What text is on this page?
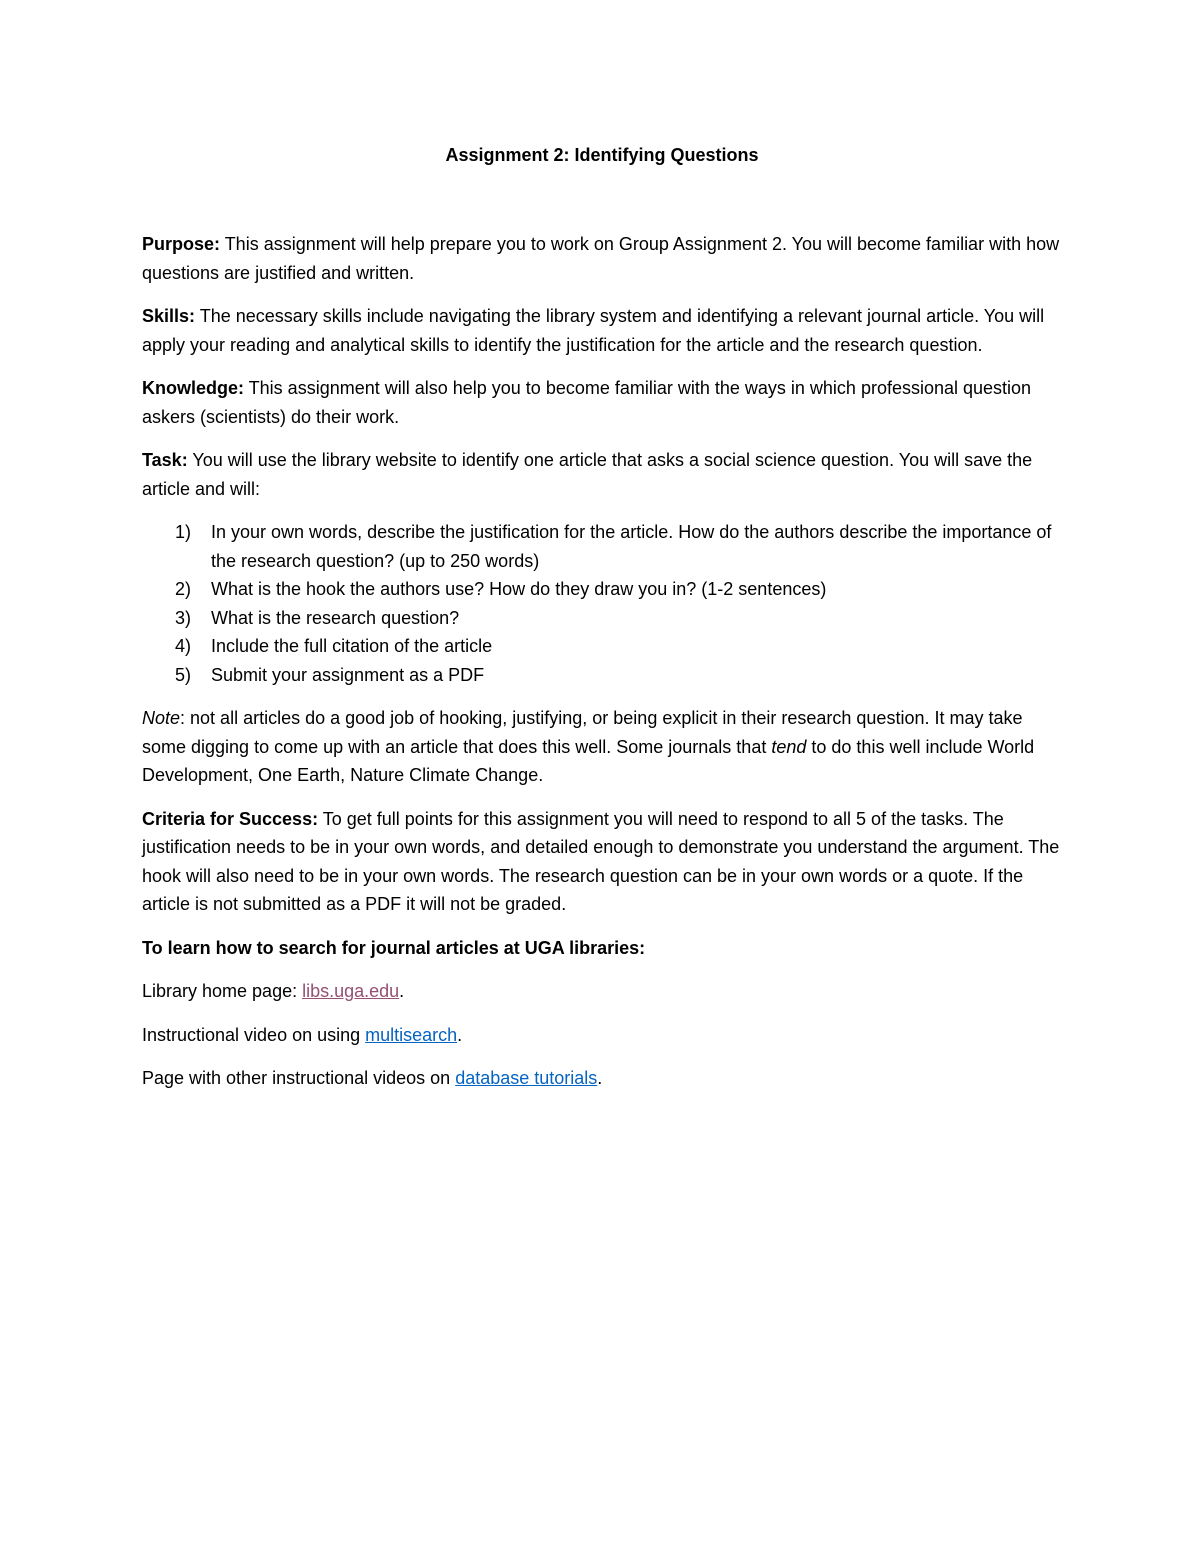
Assignment 2: Identifying Questions

Purpose: This assignment will help prepare you to work on Group Assignment 2. You will become familiar with how questions are justified and written.

Skills: The necessary skills include navigating the library system and identifying a relevant journal article. You will apply your reading and analytical skills to identify the justification for the article and the research question.

Knowledge: This assignment will also help you to become familiar with the ways in which professional question askers (scientists) do their work.

Task: You will use the library website to identify one article that asks a social science question. You will save the article and will:

1) In your own words, describe the justification for the article. How do the authors describe the importance of the research question? (up to 250 words)
2) What is the hook the authors use? How do they draw you in? (1-2 sentences)
3) What is the research question?
4) Include the full citation of the article
5) Submit your assignment as a PDF

Note: not all articles do a good job of hooking, justifying, or being explicit in their research question. It may take some digging to come up with an article that does this well. Some journals that tend to do this well include World Development, One Earth, Nature Climate Change.

Criteria for Success: To get full points for this assignment you will need to respond to all 5 of the tasks. The justification needs to be in your own words, and detailed enough to demonstrate you understand the argument. The hook will also need to be in your own words. The research question can be in your own words or a quote. If the article is not submitted as a PDF it will not be graded.

To learn how to search for journal articles at UGA libraries:

Library home page: libs.uga.edu.

Instructional video on using multisearch.

Page with other instructional videos on database tutorials.
